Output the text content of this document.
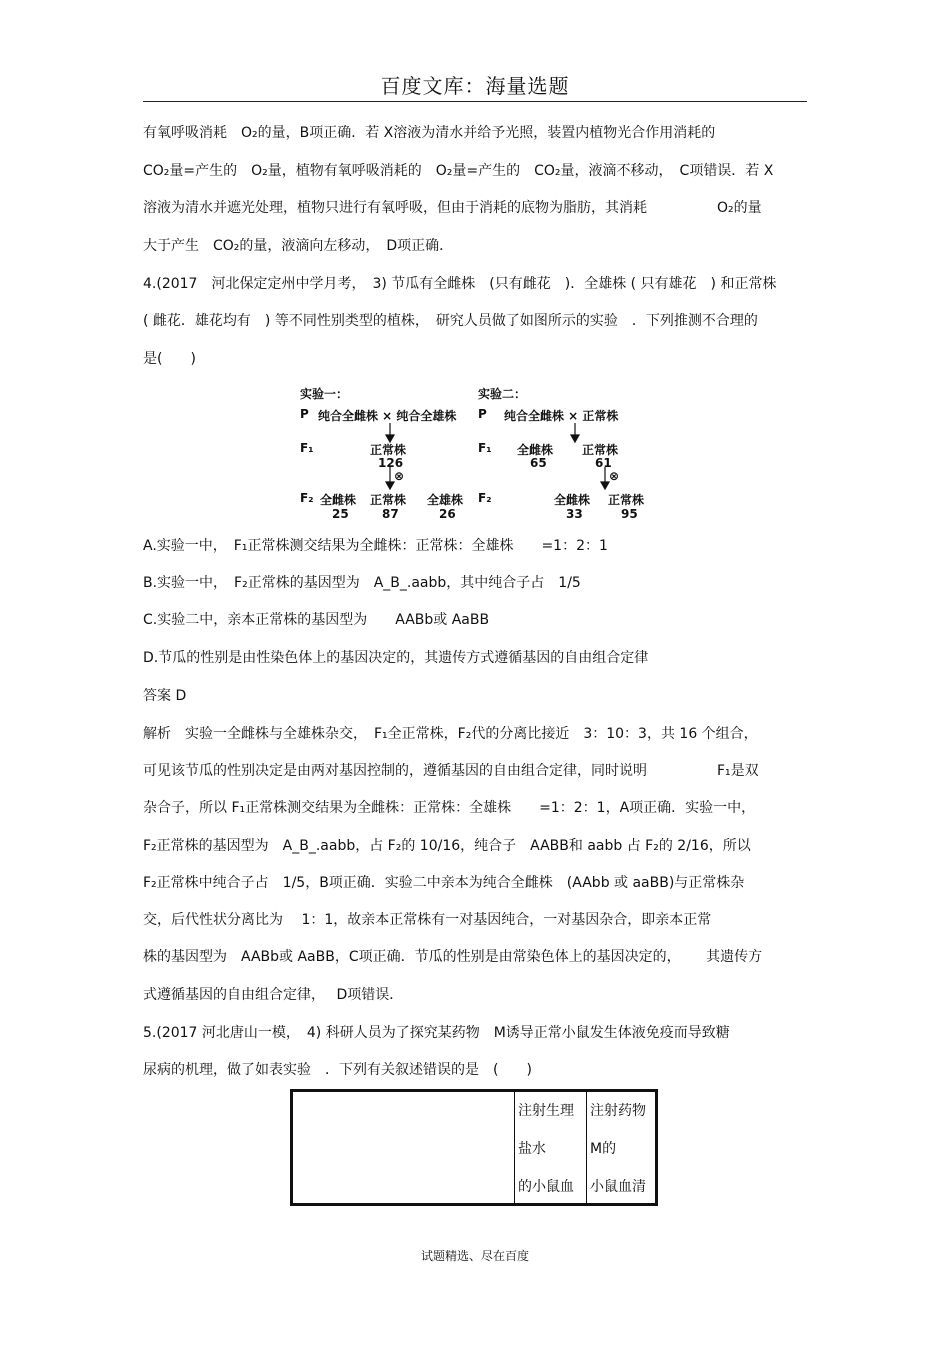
百度文库：海量选题
有氧呼吸消耗　O₂的量，B项正确．若 X溶液为清水并给予光照，装置内植物光合作用消耗的
CO₂量=产生的　O₂量，植物有氧呼吸消耗的　O₂量=产生的　CO₂量，液滴不移动，　C项错误．若 X
溶液为清水并遮光处理，植物只进行有氧呼吸，但由于消耗的底物为脂肪，其消耗　　　　　O₂的量
大于产生　CO₂的量，液滴向左移动，　D项正确．
4.(2017　河北保定定州中学月考，　3) 节瓜有全雌株　(只有雌花　)．全雄株 ( 只有雄花　) 和正常株
( 雌花．雄花均有　) 等不同性别类型的植株，　研究人员做了如图所示的实验　．下列推测不合理的
是(　　)
实验一：
P 纯合全雌株 × 纯合全雄株
F₁	正常株
126
⊗
F₂ 全雌株
25
正常株
87
全雄株
26
实验二：
P 纯合全雌株 × 正常株
F₁ 全雌株
65
正常株
61
⊗
F₂	全雌株
33
正常株
95
A.实验一中，　F₁正常株测交结果为全雌株：正常株：全雄株　　=1：2：1
B.实验一中，　F₂正常株的基因型为　A_B_.aabb，其中纯合子占　1/5
C.实验二中，亲本正常株的基因型为　　AABb或 AaBB
D.节瓜的性别是由性染色体上的基因决定的，其遗传方式遵循基因的自由组合定律
答案 D
解析　实验一全雌株与全雄株杂交，　F₁全正常株，F₂代的分离比接近　3：10：3，共 16 个组合，
可见该节瓜的性别决定是由两对基因控制的，遵循基因的自由组合定律，同时说明　　　　　F₁是双
杂合子，所以 F₁正常株测交结果为全雌株：正常株：全雄株　　=1：2：1，A项正确．实验一中，
F₂正常株的基因型为　A_B_.aabb，占 F₂的 10/16，纯合子　AABB和 aabb 占 F₂的 2/16，所以
F₂正常株中纯合子占　1/5，B项正确．实验二中亲本为纯合全雌株　(AAbb 或 aaBB)与正常株杂
交，后代性状分离比为　 1：1，故亲本正常株有一对基因纯合，一对基因杂合，即亲本正常
株的基因型为　AABb或 AaBB，C项正确．节瓜的性别是由常染色体上的基因决定的，　　 其遗传方
式遵循基因的自由组合定律，　 D项错误．
5.(2017 河北唐山一模，　4) 科研人员为了探究某药物　M诱导正常小鼠发生体液免疫而导致糖
尿病的机理，做了如表实验　．下列有关叙述错误的是　(　　)
注射生理
盐水
的小鼠血
注射药物
M的
小鼠血清
试题精选、尽在百度
